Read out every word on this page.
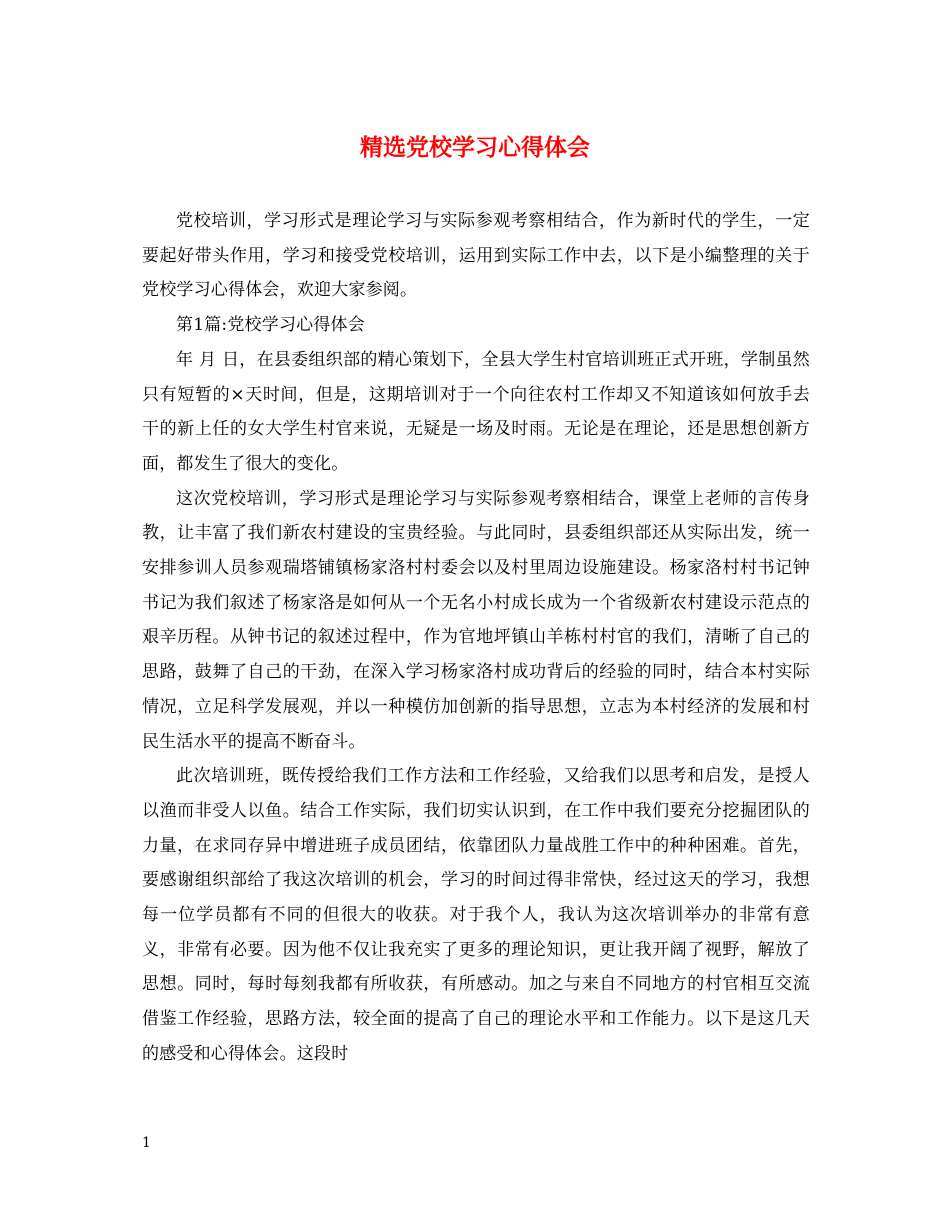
精选党校学习心得体会

党校培训，学习形式是理论学习与实际参观考察相结合，作为新时代的学生，一定要起好带头作用，学习和接受党校培训，运用到实际工作中去，以下是小编整理的关于党校学习心得体会，欢迎大家参阅。

第1篇:党校学习心得体会

年 月 日，在县委组织部的精心策划下，全县大学生村官培训班正式开班，学制虽然只有短暂的×天时间，但是，这期培训对于一个向往农村工作却又不知道该如何放手去干的新上任的女大学生村官来说，无疑是一场及时雨。无论是在理论，还是思想创新方面，都发生了很大的变化。

这次党校培训，学习形式是理论学习与实际参观考察相结合，课堂上老师的言传身教，让丰富了我们新农村建设的宝贵经验。与此同时，县委组织部还从实际出发，统一安排参训人员参观瑞塔铺镇杨家洛村村委会以及村里周边设施建设。杨家洛村村书记钟书记为我们叙述了杨家洛是如何从一个无名小村成长成为一个省级新农村建设示范点的艰辛历程。从钟书记的叙述过程中，作为官地坪镇山羊栋村村官的我们，清晰了自己的思路，鼓舞了自己的干劲，在深入学习杨家洛村成功背后的经验的同时，结合本村实际情况，立足科学发展观，并以一种模仿加创新的指导思想，立志为本村经济的发展和村民生活水平的提高不断奋斗。

此次培训班，既传授给我们工作方法和工作经验，又给我们以思考和启发，是授人以渔而非受人以鱼。结合工作实际，我们切实认识到，在工作中我们要充分挖掘团队的力量，在求同存异中增进班子成员团结，依靠团队力量战胜工作中的种种困难。首先，要感谢组织部给了我这次培训的机会，学习的时间过得非常快，经过这天的学习，我想每一位学员都有不同的但很大的收获。对于我个人，我认为这次培训举办的非常有意义，非常有必要。因为他不仅让我充实了更多的理论知识，更让我开阔了视野，解放了思想。同时，每时每刻我都有所收获，有所感动。加之与来自不同地方的村官相互交流借鉴工作经验，思路方法，较全面的提高了自己的理论水平和工作能力。以下是这几天的感受和心得体会。这段时

1
